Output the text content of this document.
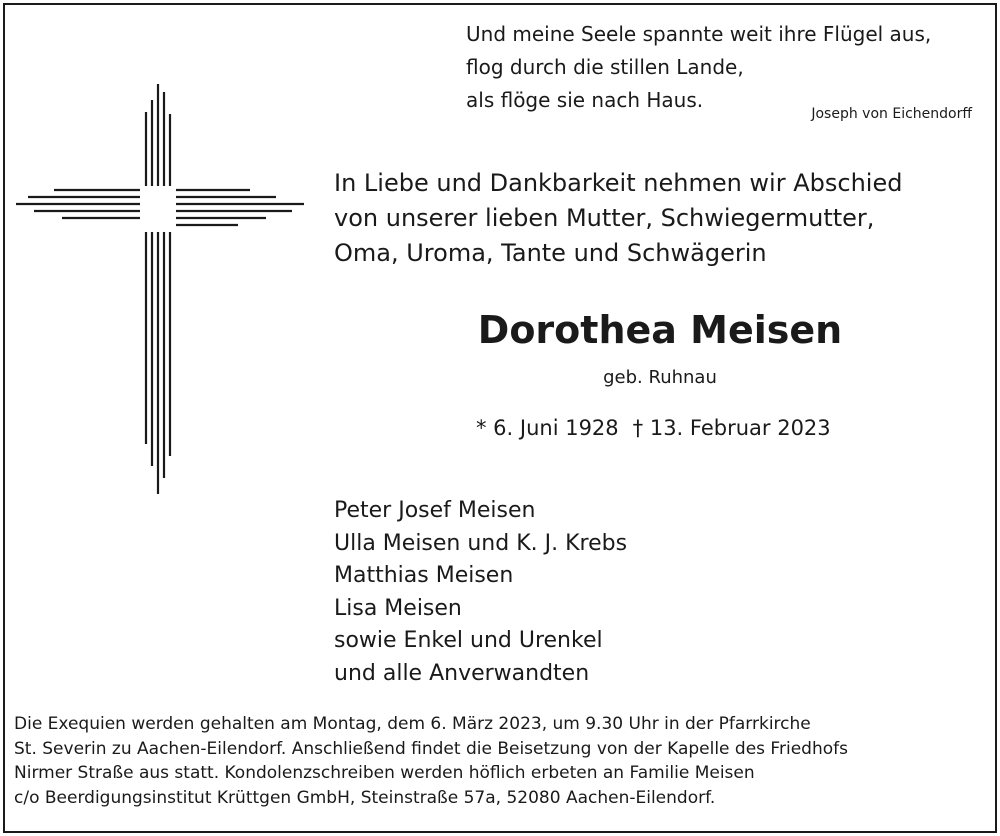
Und meine Seele spannte weit ihre Flügel aus,
flog durch die stillen Lande,
als flöge sie nach Haus.
Joseph von Eichendorff
In Liebe und Dankbarkeit nehmen wir Abschied
von unserer lieben Mutter, Schwiegermutter,
Oma, Uroma, Tante und Schwägerin
Dorothea Meisen
geb. Ruhnau
* 6. Juni 1928 † 13. Februar 2023
Peter Josef Meisen
Ulla Meisen und K. J. Krebs
Matthias Meisen
Lisa Meisen
sowie Enkel und Urenkel
und alle Anverwandten
Die Exequien werden gehalten am Montag, dem 6. März 2023, um 9.30 Uhr in der Pfarrkirche
St. Severin zu Aachen-Eilendorf. Anschließend findet die Beisetzung von der Kapelle des Friedhofs
Nirmer Straße aus statt. Kondolenzschreiben werden höflich erbeten an Familie Meisen
c/o Beerdigungsinstitut Krüttgen GmbH, Steinstraße 57a, 52080 Aachen-Eilendorf.
